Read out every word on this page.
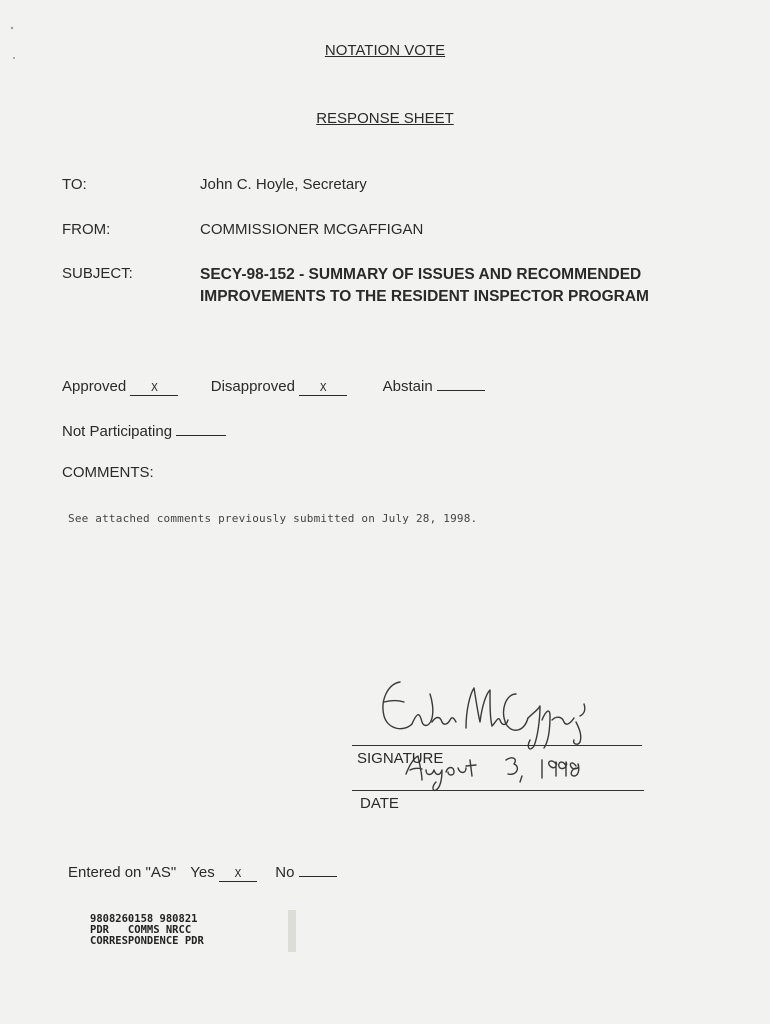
NOTATION VOTE
RESPONSE SHEET
TO:	John C. Hoyle, Secretary
FROM:	COMMISSIONER MCGAFFIGAN
SUBJECT:	SECY-98-152 - SUMMARY OF ISSUES AND RECOMMENDED IMPROVEMENTS TO THE RESIDENT INSPECTOR PROGRAM
Approved X	Disapproved X	Abstain
Not Participating
COMMENTS:
See attached comments previously submitted on July 28, 1998.
SIGNATURE
DATE
Entered on "AS" Yes X No
9808260158 980821
PDR   COMMS NRCC
CORRESPONDENCE PDR
